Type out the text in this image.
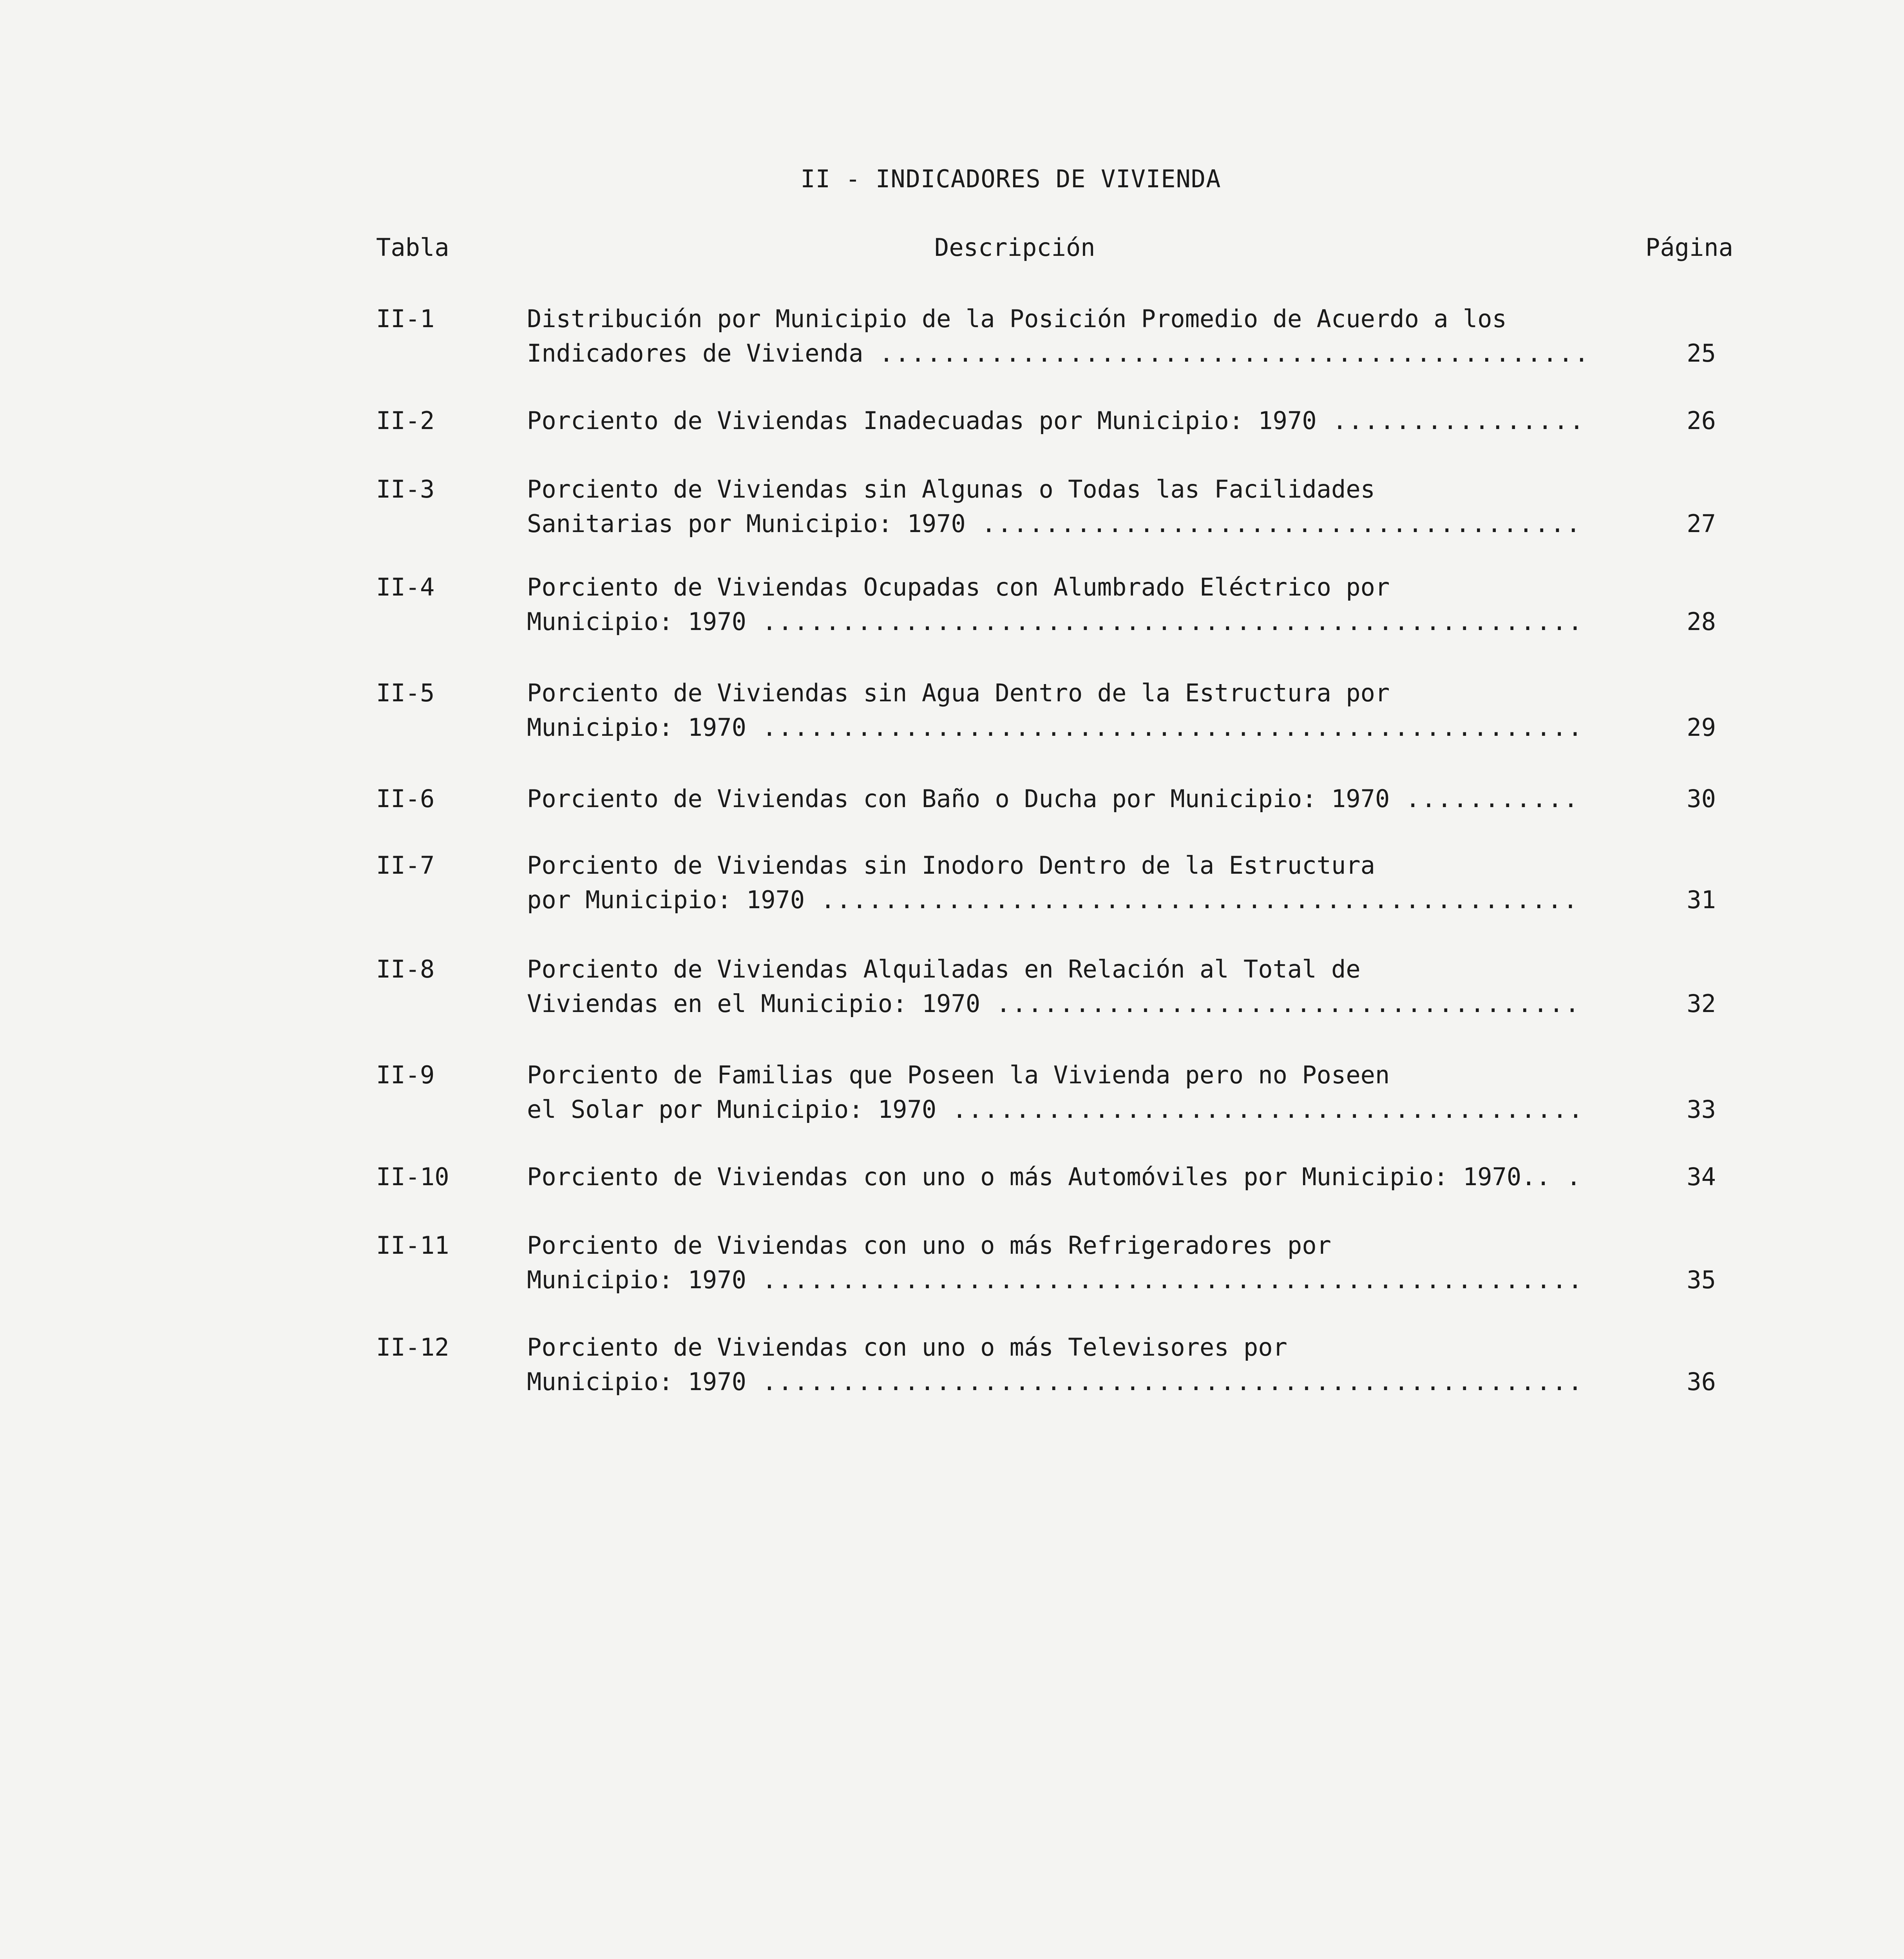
II - INDICADORES DE VIVIENDA
Tabla	Descripción	Página
II-1	Distribución por Municipio de la Posición Promedio de Acuerdo a los
Indicadores de Vivienda .....	25
II-2	Porciento de Viviendas Inadecuadas por Municipio: 1970 .....	26
II-3	Porciento de Viviendas sin Algunas o Todas las Facilidades
Sanitarias por Municipio: 1970 .....	27
II-4	Porciento de Viviendas Ocupadas con Alumbrado Eléctrico por
Municipio: 1970 .....	28
II-5	Porciento de Viviendas sin Agua Dentro de la Estructura por
Municipio: 1970 .....	29
II-6	Porciento de Viviendas con Baño o Ducha por Municipio: 1970 .....	30
II-7	Porciento de Viviendas sin Inodoro Dentro de la Estructura
por Municipio: 1970 .....	31
II-8	Porciento de Viviendas Alquiladas en Relación al Total de
Viviendas en el Municipio: 1970 .....	32
II-9	Porciento de Familias que Poseen la Vivienda pero no Poseen
el Solar por Municipio: 1970 .....	33
II-10	Porciento de Viviendas con uno o más Automóviles por Municipio: 1970.. .....	34
II-11	Porciento de Viviendas con uno o más Refrigeradores por
Municipio: 1970 .....	35
II-12	Porciento de Viviendas con uno o más Televisores por
Municipio: 1970 .....	36
